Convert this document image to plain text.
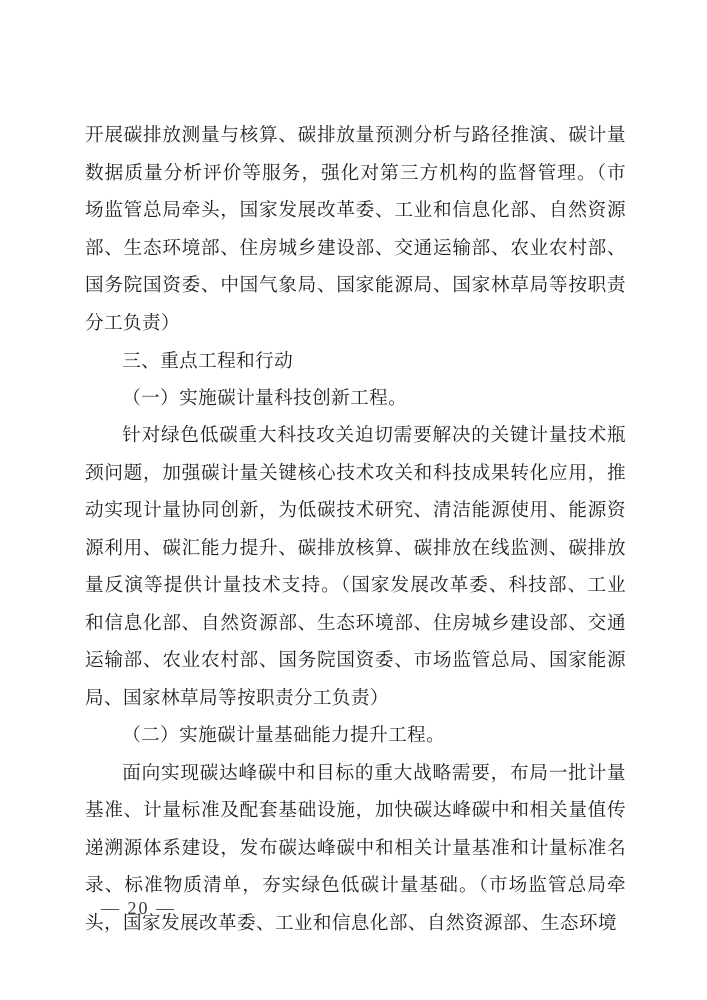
开展碳排放测量与核算、碳排放量预测分析与路径推演、碳计量数据质量分析评价等服务，强化对第三方机构的监督管理。（市场监管总局牵头，国家发展改革委、工业和信息化部、自然资源部、生态环境部、住房城乡建设部、交通运输部、农业农村部、国务院国资委、中国气象局、国家能源局、国家林草局等按职责分工负责）

三、重点工程和行动

（一）实施碳计量科技创新工程。

针对绿色低碳重大科技攻关迫切需要解决的关键计量技术瓶颈问题，加强碳计量关键核心技术攻关和科技成果转化应用，推动实现计量协同创新，为低碳技术研究、清洁能源使用、能源资源利用、碳汇能力提升、碳排放核算、碳排放在线监测、碳排放量反演等提供计量技术支持。（国家发展改革委、科技部、工业和信息化部、自然资源部、生态环境部、住房城乡建设部、交通运输部、农业农村部、国务院国资委、市场监管总局、国家能源局、国家林草局等按职责分工负责）

（二）实施碳计量基础能力提升工程。

面向实现碳达峰碳中和目标的重大战略需要，布局一批计量基准、计量标准及配套基础设施，加快碳达峰碳中和相关量值传递溯源体系建设，发布碳达峰碳中和相关计量基准和计量标准名录、标准物质清单，夯实绿色低碳计量基础。（市场监管总局牵头，国家发展改革委、工业和信息化部、自然资源部、生态环境

— 20 —
